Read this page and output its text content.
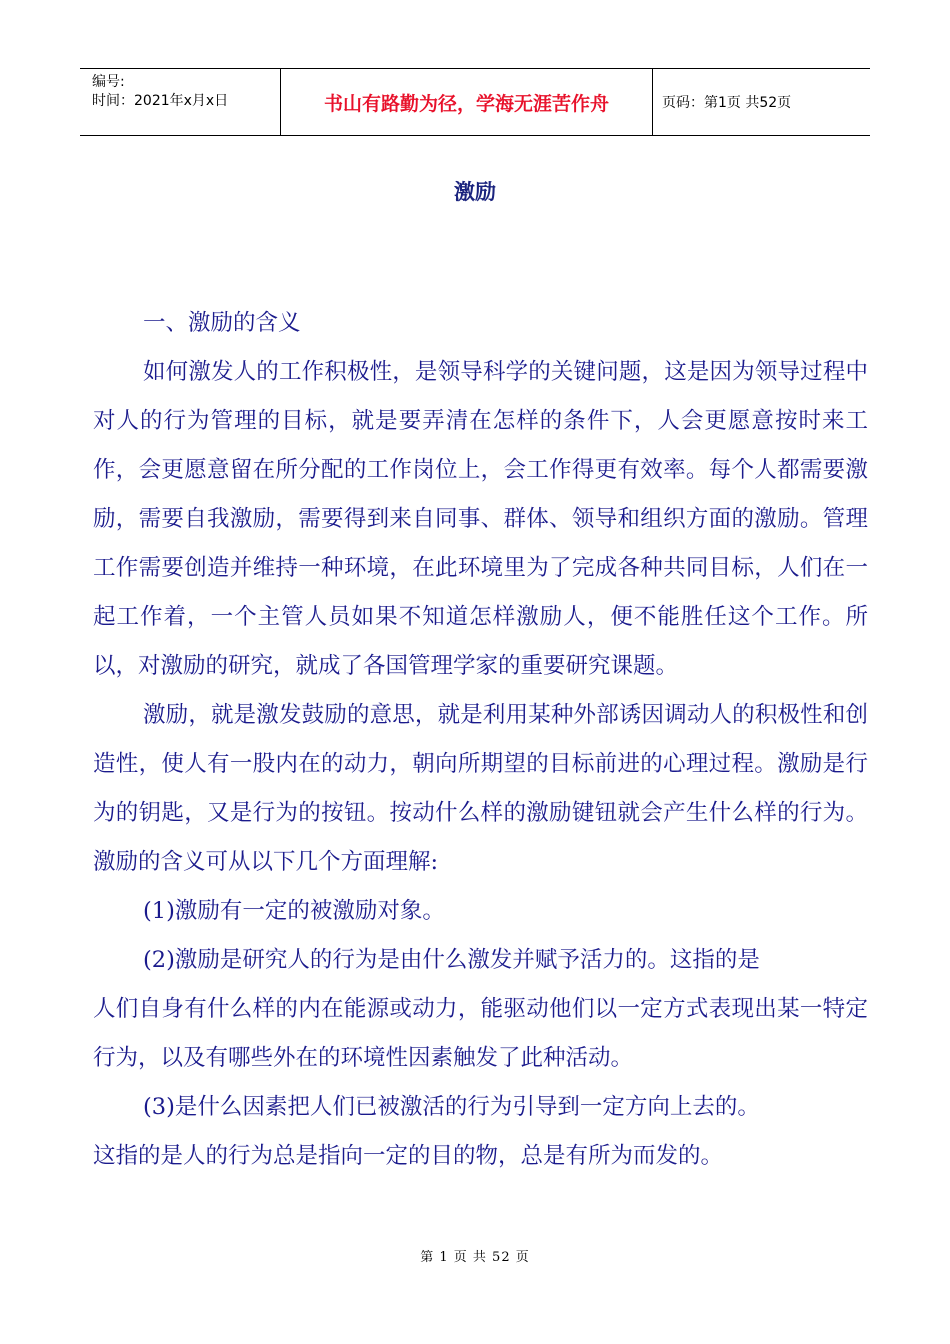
编号:
时间：2021年x月x日	书山有路勤为径，学海无涯苦作舟	页码：第1页 共52页
激励

一、激励的含义

如何激发人的工作积极性，是领导科学的关键问题，这是因为领导过程中对人的行为管理的目标，就是要弄清在怎样的条件下，人会更愿意按时来工作，会更愿意留在所分配的工作岗位上，会工作得更有效率。每个人都需要激励，需要自我激励，需要得到来自同事、群体、领导和组织方面的激励。管理工作需要创造并维持一种环境，在此环境里为了完成各种共同目标，人们在一起工作着，一个主管人员如果不知道怎样激励人，便不能胜任这个工作。所以，对激励的研究，就成了各国管理学家的重要研究课题。

激励，就是激发鼓励的意思，就是利用某种外部诱因调动人的积极性和创造性，使人有一股内在的动力，朝向所期望的目标前进的心理过程。激励是行为的钥匙，又是行为的按钮。按动什么样的激励键钮就会产生什么样的行为。激励的含义可从以下几个方面理解:

(1)激励有一定的被激励对象。

(2)激励是研究人的行为是由什么激发并赋予活力的。这指的是

人们自身有什么样的内在能源或动力，能驱动他们以一定方式表现出某一特定行为，以及有哪些外在的环境性因素触发了此种活动。

(3)是什么因素把人们已被激活的行为引导到一定方向上去的。

这指的是人的行为总是指向一定的目的物，总是有所为而发的。

第 1 页 共 52 页
